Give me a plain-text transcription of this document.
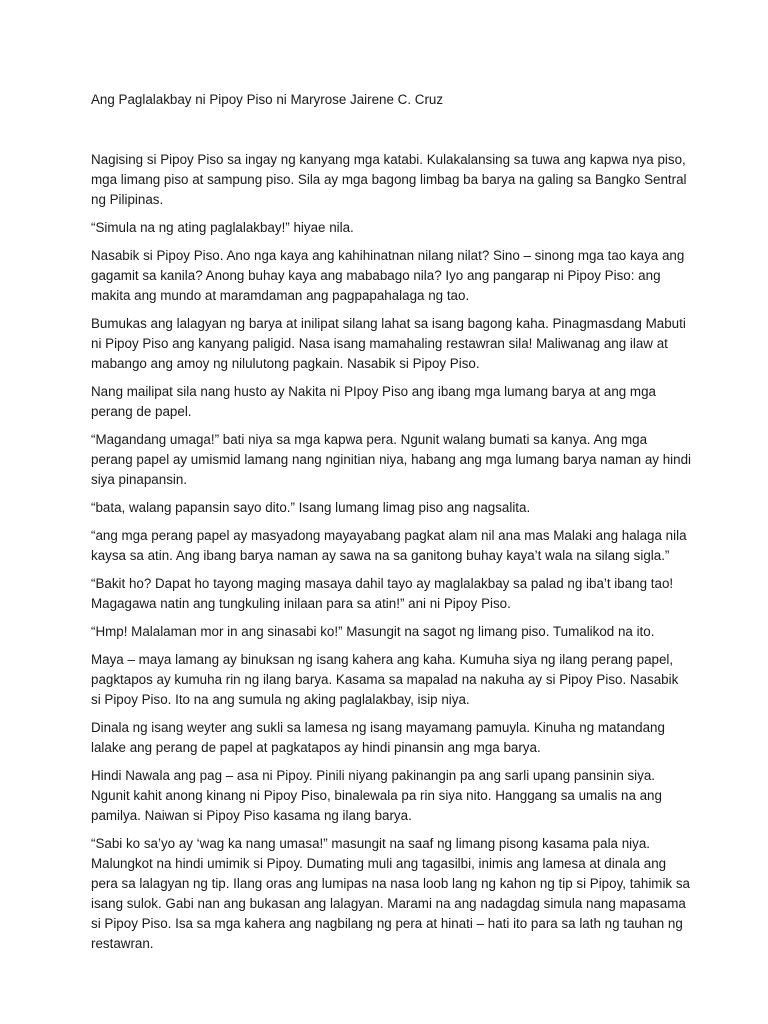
Ang Paglalakbay ni Pipoy Piso ni Maryrose Jairene C. Cruz

Nagising si Pipoy Piso sa ingay ng kanyang mga katabi. Kulakalansing sa tuwa ang kapwa nya piso, mga limang piso at sampung piso. Sila ay mga bagong limbag ba barya na galing sa Bangko Sentral ng Pilipinas.

“Simula na ng ating paglalakbay!” hiyae nila.

Nasabik si Pipoy Piso. Ano nga kaya ang kahihinatnan nilang nilat? Sino – sinong mga tao kaya ang gagamit sa kanila? Anong buhay kaya ang mababago nila? Iyo ang pangarap ni Pipoy Piso: ang makita ang mundo at maramdaman ang pagpapahalaga ng tao.

Bumukas ang lalagyan ng barya at inilipat silang lahat sa isang bagong kaha. Pinagmasdang Mabuti ni Pipoy Piso ang kanyang paligid. Nasa isang mamahaling restawran sila! Maliwanag ang ilaw at mabango ang amoy ng nilulutong pagkain. Nasabik si Pipoy Piso.

Nang mailipat sila nang husto ay Nakita ni PIpoy Piso ang ibang mga lumang barya at ang mga perang de papel.

“Magandang umaga!” bati niya sa mga kapwa pera. Ngunit walang bumati sa kanya. Ang mga perang papel ay umismid lamang nang nginitian niya, habang ang mga lumang barya naman ay hindi siya pinapansin.

“bata, walang papansin sayo dito.” Isang lumang limag piso ang nagsalita.

“ang mga perang papel ay masyadong mayayabang pagkat alam nil ana mas Malaki ang halaga nila kaysa sa atin. Ang ibang barya naman ay sawa na sa ganitong buhay kaya’t wala na silang sigla.”

“Bakit ho? Dapat ho tayong maging masaya dahil tayo ay maglalakbay sa palad ng iba’t ibang tao! Magagawa natin ang tungkuling inilaan para sa atin!” ani ni Pipoy Piso.

“Hmp! Malalaman mor in ang sinasabi ko!” Masungit na sagot ng limang piso. Tumalikod na ito.

Maya – maya lamang ay binuksan ng isang kahera ang kaha. Kumuha siya ng ilang perang papel, pagktapos ay kumuha rin ng ilang barya. Kasama sa mapalad na nakuha ay si Pipoy Piso. Nasabik si Pipoy Piso. Ito na ang sumula ng aking paglalakbay, isip niya.

Dinala ng isang weyter ang sukli sa lamesa ng isang mayamang pamuyla. Kinuha ng matandang lalake ang perang de papel at pagkatapos ay hindi pinansin ang mga barya.

Hindi Nawala ang pag – asa ni Pipoy. Pinili niyang pakinangin pa ang sarli upang pansinin siya. Ngunit kahit anong kinang ni Pipoy Piso, binalewala pa rin siya nito. Hanggang sa umalis na ang pamilya. Naiwan si Pipoy Piso kasama ng ilang barya.

“Sabi ko sa’yo ay ‘wag ka nang umasa!” masungit na saaf ng limang pisong kasama pala niya. Malungkot na hindi umimik si Pipoy. Dumating muli ang tagasilbi, inimis ang lamesa at dinala ang pera sa lalagyan ng tip. Ilang oras ang lumipas na nasa loob lang ng kahon ng tip si Pipoy, tahimik sa isang sulok. Gabi nan ang bukasan ang lalagyan. Marami na ang nadagdag simula nang mapasama si Pipoy Piso. Isa sa mga kahera ang nagbilang ng pera at hinati – hati ito para sa lath ng tauhan ng restawran.
